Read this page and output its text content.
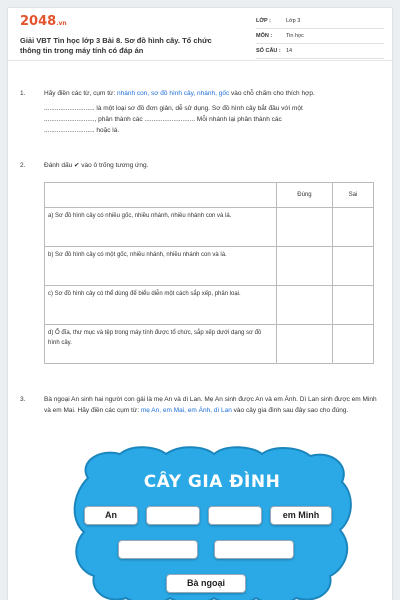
2048.vn
Giải VBT Tin học lớp 3 Bài 8. Sơ đồ hình cây. Tổ chức thông tin trong máy tính có đáp án
LỚP :	Lớp 3
MÔN :	Tin học
SỐ CÂU : 14
1.	Hãy điền các từ, cụm từ: nhánh con, sơ đồ hình cây, nhánh, gốc vào chỗ chấm cho thích hợp.
............................ là một loại sơ đồ đơn giản, dễ sử dụng. Sơ đồ hình cây bắt đầu với một
............................, phân thành các ............................ Mỗi nhánh lại phân thành các
............................ hoặc lá.
2.	Đánh dấu ✔ vào ô trống tương ứng.
	Đúng	Sai
a) Sơ đồ hình cây có nhiều gốc, nhiều nhánh, nhiều nhánh con và lá.		
b) Sơ đồ hình cây có một gốc, nhiều nhánh, nhiều nhánh con và lá.		
c) Sơ đồ hình cây có thể dùng để biểu diễn một cách sắp xếp, phân loại.		
d) Ổ đĩa, thư mục và tệp trong máy tính được tổ chức, sắp xếp dưới dạng sơ đồ hình cây.		
3.	Bà ngoại An sinh hai người con gái là mẹ An và dì Lan. Mẹ An sinh được An và em Ánh. Dì Lan sinh được em Minh và em Mai. Hãy điền các cụm từ: mẹ An, em Mai, em Ánh, dì Lan vào cây gia đình sau đây sao cho đúng.
CÂY GIA ĐÌNH
An	em Minh
Bà ngoại
